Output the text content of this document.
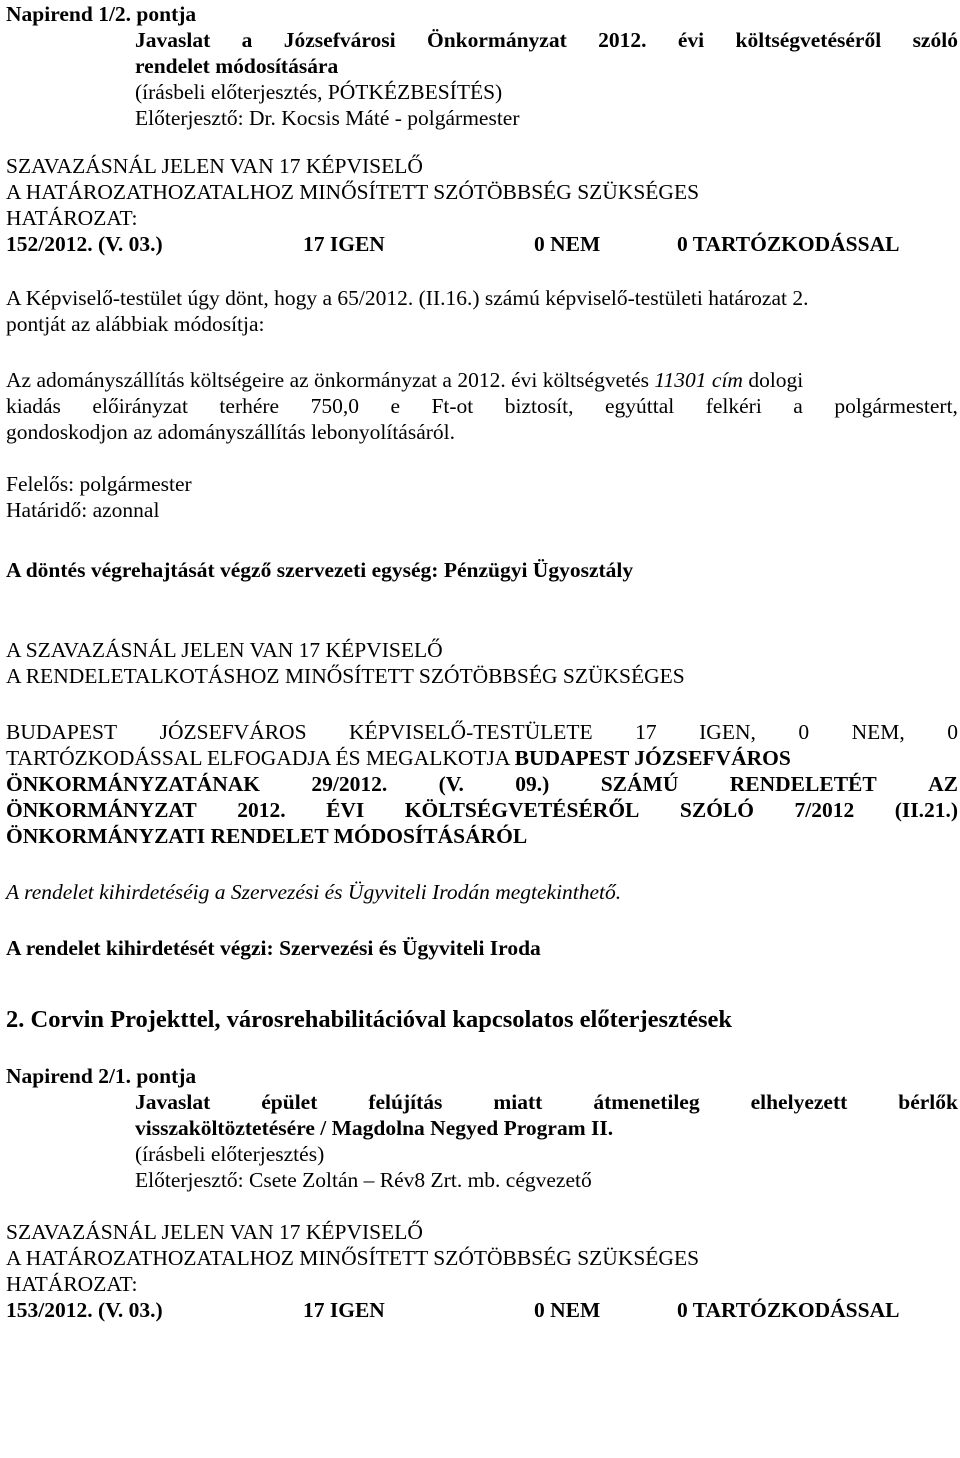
Napirend 1/2. pontja
Javaslat a Józsefvárosi Önkormányzat 2012. évi költségvetéséről szóló
rendelet módosítására
(írásbeli előterjesztés, PÓTKÉZBESÍTÉS)
Előterjesztő: Dr. Kocsis Máté - polgármester
SZAVAZÁSNÁL JELEN VAN 17 KÉPVISELŐ
A HATÁROZATHOZATALHOZ MINŐSÍTETT SZÓTÖBBSÉG SZÜKSÉGES
HATÁROZAT:
152/2012. (V. 03.)	17 IGEN	0 NEM	0 TARTÓZKODÁSSAL
A Képviselő-testület úgy dönt, hogy a 65/2012. (II.16.) számú képviselő-testületi határozat 2.
pontját az alábbiak módosítja:
Az adományszállítás költségeire az önkormányzat a 2012. évi költségvetés 11301 cím dologi
kiadás előirányzat terhére 750,0 e Ft-ot biztosít, egyúttal felkéri a polgármestert,
gondoskodjon az adományszállítás lebonyolításáról.
Felelős: polgármester
Határidő: azonnal
A döntés végrehajtását végző szervezeti egység: Pénzügyi Ügyosztály
A SZAVAZÁSNÁL JELEN VAN 17 KÉPVISELŐ
A RENDELETALKOTÁSHOZ MINŐSÍTETT SZÓTÖBBSÉG SZÜKSÉGES
BUDAPEST JÓZSEFVÁROS KÉPVISELŐ-TESTÜLETE 17 IGEN, 0 NEM, 0
TARTÓZKODÁSSAL ELFOGADJA ÉS MEGALKOTJA BUDAPEST JÓZSEFVÁROS
ÖNKORMÁNYZATÁNAK 29/2012. (V. 09.) SZÁMÚ RENDELETÉT AZ
ÖNKORMÁNYZAT 2012. ÉVI KÖLTSÉGVETÉSÉRŐL SZÓLÓ 7/2012 (II.21.)
ÖNKORMÁNYZATI RENDELET MÓDOSÍTÁSÁRÓL
A rendelet kihirdetéséig a Szervezési és Ügyviteli Irodán megtekinthető.
A rendelet kihirdetését végzi: Szervezési és Ügyviteli Iroda
2. Corvin Projekttel, városrehabilitációval kapcsolatos előterjesztések
Napirend 2/1. pontja
Javaslat épület felújítás miatt átmenetileg elhelyezett bérlők
visszaköltöztetésére / Magdolna Negyed Program II.
(írásbeli előterjesztés)
Előterjesztő: Csete Zoltán – Rév8 Zrt. mb. cégvezető
SZAVAZÁSNÁL JELEN VAN 17 KÉPVISELŐ
A HATÁROZATHOZATALHOZ MINŐSÍTETT SZÓTÖBBSÉG SZÜKSÉGES
HATÁROZAT:
153/2012. (V. 03.)	17 IGEN	0 NEM	0 TARTÓZKODÁSSAL
